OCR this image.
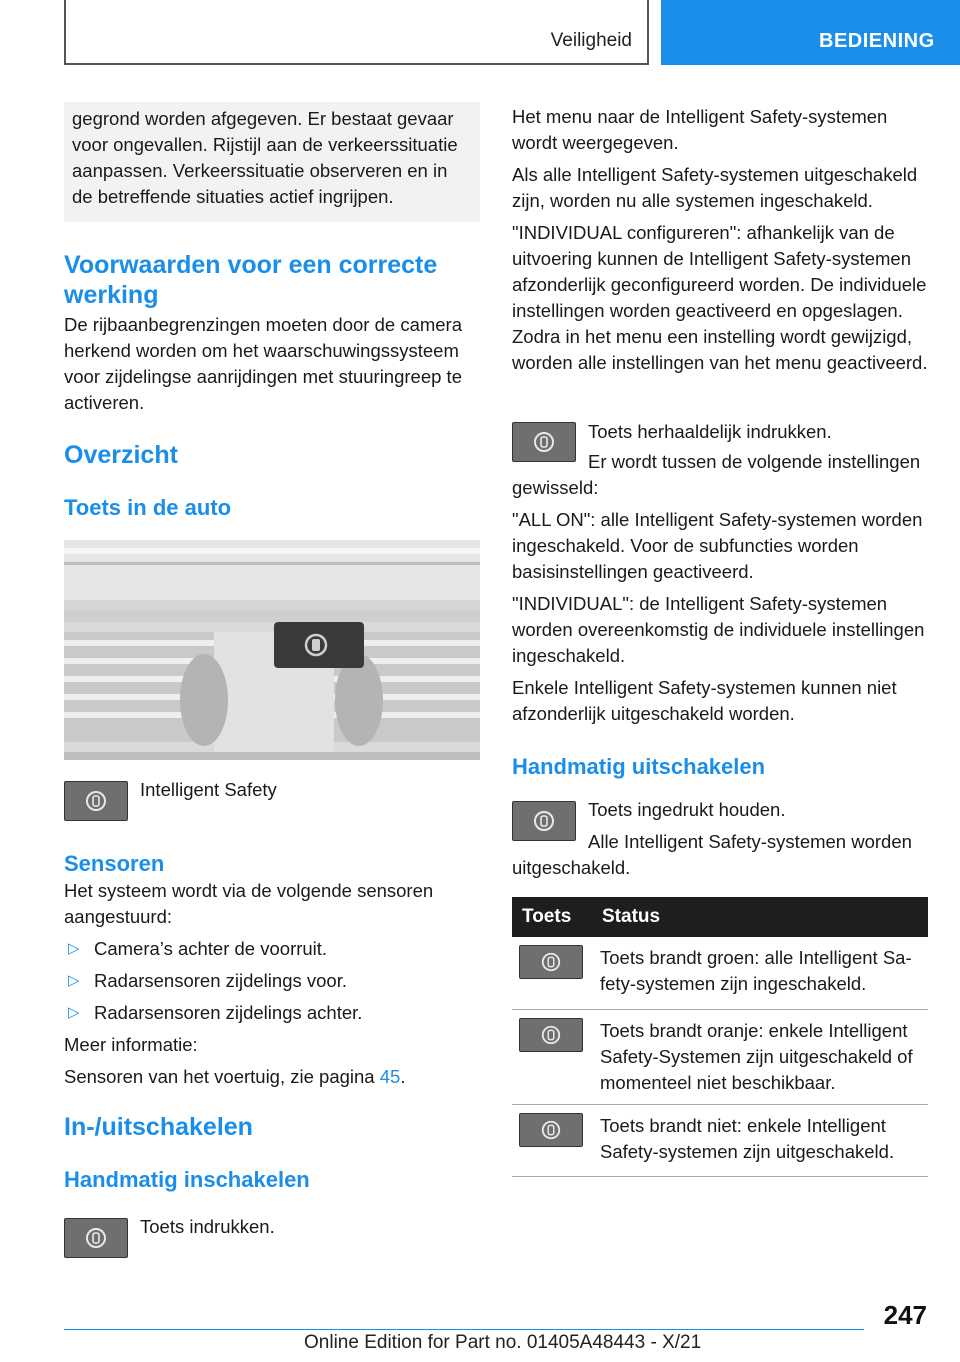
Veiligheid	BEDIENING
gegrond worden afgegeven. Er bestaat gevaar voor ongevallen. Rijstijl aan de verkeerssituatie aanpassen. Verkeerssituatie observeren en in de betreffende situaties actief ingrijpen.
Voorwaarden voor een correcte werking

De rijbaanbegrenzingen moeten door de camera herkend worden om het waarschuwingssysteem voor zijdelingse aanrijdingen met stuuringreep te activeren.

Overzicht
Toets in de auto
Intelligent Safety
Sensoren

Het systeem wordt via de volgende sensoren aangestuurd:

▷ Camera’s achter de voorruit.
▷ Radarsensoren zijdelings voor.
▷ Radarsensoren zijdelings achter.

Meer informatie:

Sensoren van het voertuig, zie pagina 45.

In-/uitschakelen
Handmatig inschakelen
Toets indrukken.

Het menu naar de Intelligent Safety-systemen wordt weergegeven.

Als alle Intelligent Safety-systemen uitgeschakeld zijn, worden nu alle systemen ingeschakeld.

"INDIVIDUAL configureren": afhankelijk van de uitvoering kunnen de Intelligent Safety-systemen afzonderlijk geconfigureerd worden. De individuele instellingen worden geactiveerd en opgeslagen. Zodra in het menu een instelling wordt gewijzigd, worden alle instellingen van het menu geactiveerd.

Toets herhaaldelijk indrukken.
Er wordt tussen de volgende instellingen gewisseld:

"ALL ON": alle Intelligent Safety-systemen worden ingeschakeld. Voor de subfuncties worden basisinstellingen geactiveerd.

"INDIVIDUAL": de Intelligent Safety-systemen worden overeenkomstig de individuele instellingen ingeschakeld.

Enkele Intelligent Safety-systemen kunnen niet afzonderlijk uitgeschakeld worden.

Handmatig uitschakelen
Toets ingedrukt houden.
Alle Intelligent Safety-systemen worden uitgeschakeld.
Toets	Status

	Toets brandt groen: alle Intelligent Safety-systemen zijn ingeschakeld.

	Toets brandt oranje: enkele Intelligent Safety-Systemen zijn uitgeschakeld of momenteel niet beschikbaar.

	Toets brandt niet: enkele Intelligent Safety-systemen zijn uitgeschakeld.
247
Online Edition for Part no. 01405A48443 - X/21
